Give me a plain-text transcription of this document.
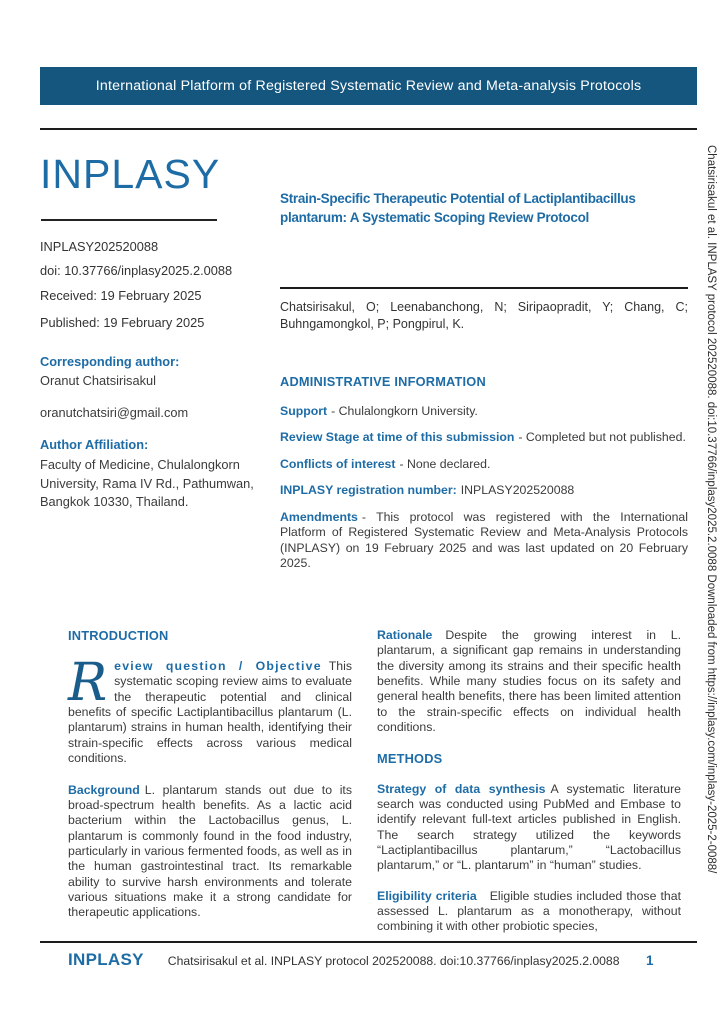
International Platform of Registered Systematic Review and Meta-analysis Protocols
Chatsirisakul et al. INPLASY protocol 202520088. doi:10.37766/inplasy2025.2.0088 Downloaded from https://inplasy.com/inplasy-2025-2-0088/
INPLASY
INPLASY202520088
doi: 10.37766/inplasy2025.2.0088
Received: 19 February 2025
Published: 19 February 2025
Corresponding author:
Oranut Chatsirisakul
oranutchatsiri@gmail.com
Author Affiliation:
Faculty of Medicine, Chulalongkorn University, Rama IV Rd., Pathumwan, Bangkok 10330, Thailand.
Strain-Specific Therapeutic Potential of Lactiplantibacillus plantarum: A Systematic Scoping Review Protocol

Chatsirisakul, O; Leenabanchong, N; Siripaopradit, Y; Chang, C; Buhngamongkol, P; Pongpirul, K.

ADMINISTRATIVE INFORMATION

Support - Chulalongkorn University.

Review Stage at time of this submission - Completed but not published.

Conflicts of interest - None declared.

INPLASY registration number: INPLASY202520088

Amendments - This protocol was registered with the International Platform of Registered Systematic Review and Meta-Analysis Protocols (INPLASY) on 19 February 2025 and was last updated on 20 February 2025.

INTRODUCTION

Review question / Objective This systematic scoping review aims to evaluate the therapeutic potential and clinical benefits of specific Lactiplantibacillus plantarum (L. plantarum) strains in human health, identifying their strain-specific effects across various medical conditions.

Background L. plantarum stands out due to its broad-spectrum health benefits. As a lactic acid bacterium within the Lactobacillus genus, L. plantarum is commonly found in the food industry, particularly in various fermented foods, as well as in the human gastrointestinal tract. Its remarkable ability to survive harsh environments and tolerate various situations make it a strong candidate for therapeutic applications.

Rationale Despite the growing interest in L. plantarum, a significant gap remains in understanding the diversity among its strains and their specific health benefits. While many studies focus on its safety and general health benefits, there has been limited attention to the strain-specific effects on individual health conditions.

METHODS

Strategy of data synthesis A systematic literature search was conducted using PubMed and Embase to identify relevant full-text articles published in English. The search strategy utilized the keywords “Lactiplantibacillus plantarum,” “Lactobacillus plantarum,” or “L. plantarum” in “human” studies.

Eligibility criteria Eligible studies included those that assessed L. plantarum as a monotherapy, without combining it with other probiotic species,

INPLASY Chatsirisakul et al. INPLASY protocol 202520088. doi:10.37766/inplasy2025.2.0088 1
